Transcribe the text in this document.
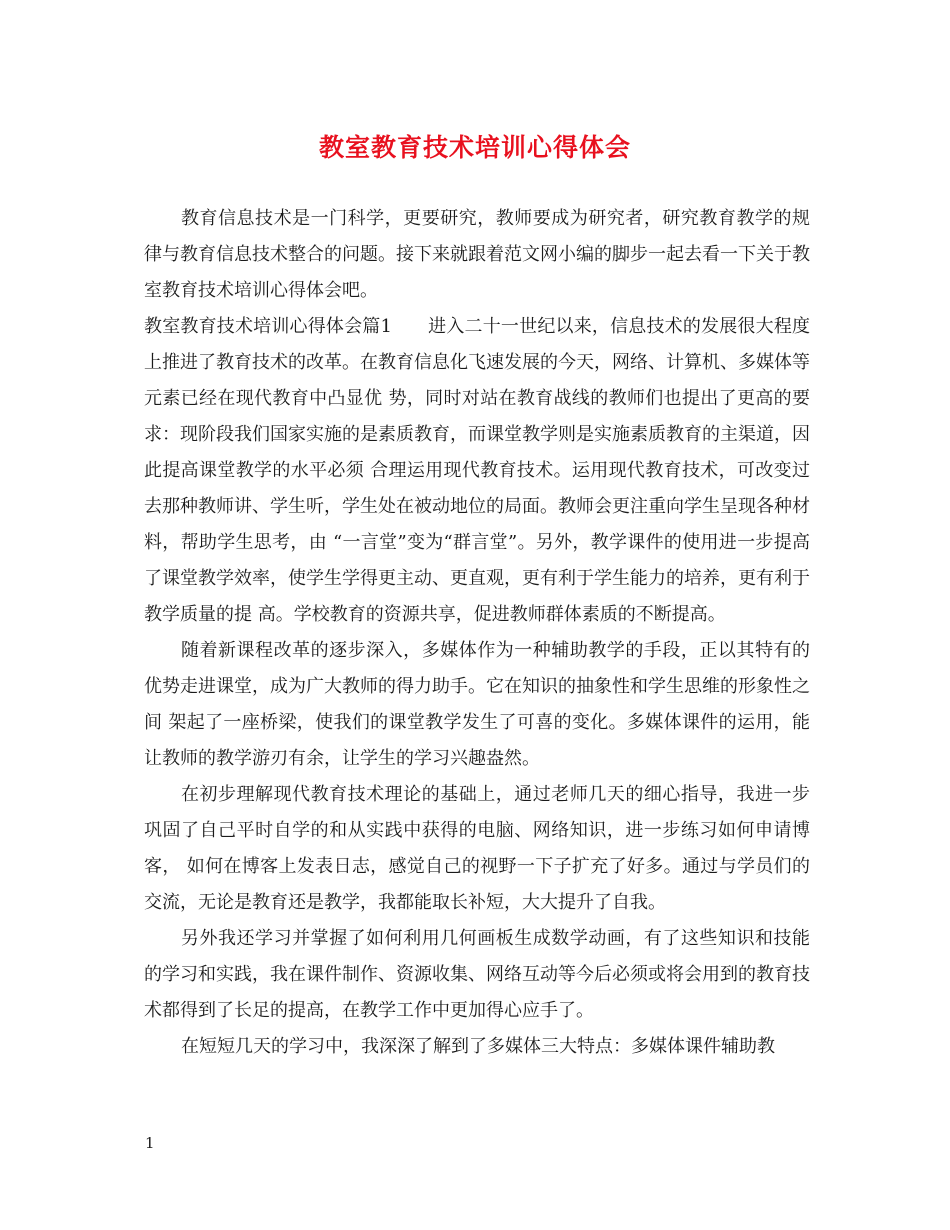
教室教育技术培训心得体会

教育信息技术是一门科学，更要研究，教师要成为研究者，研究教育教学的规律与教育信息技术整合的问题。接下来就跟着范文网小编的脚步一起去看一下关于教室教育技术培训心得体会吧。

教室教育技术培训心得体会篇1   进入二十一世纪以来，信息技术的发展很大程度上推进了教育技术的改革。在教育信息化飞速发展的今天，网络、计算机、多媒体等元素已经在现代教育中凸显优 势，同时对站在教育战线的教师们也提出了更高的要求：现阶段我们国家实施的是素质教育，而课堂教学则是实施素质教育的主渠道，因此提高课堂教学的水平必须 合理运用现代教育技术。运用现代教育技术，可改变过去那种教师讲、学生听，学生处在被动地位的局面。教师会更注重向学生呈现各种材料，帮助学生思考，由 “一言堂”变为“群言堂”。另外，教学课件的使用进一步提高了课堂教学效率，使学生学得更主动、更直观，更有利于学生能力的培养，更有利于教学质量的提 高。学校教育的资源共享，促进教师群体素质的不断提高。

随着新课程改革的逐步深入，多媒体作为一种辅助教学的手段，正以其特有的优势走进课堂，成为广大教师的得力助手。它在知识的抽象性和学生思维的形象性之间 架起了一座桥梁，使我们的课堂教学发生了可喜的变化。多媒体课件的运用，能让教师的教学游刃有余，让学生的学习兴趣盎然。

在初步理解现代教育技术理论的基础上，通过老师几天的细心指导，我进一步巩固了自己平时自学的和从实践中获得的电脑、网络知识，进一步练习如何申请博客， 如何在博客上发表日志，感觉自己的视野一下子扩充了好多。通过与学员们的交流，无论是教育还是教学，我都能取长补短，大大提升了自我。

另外我还学习并掌握了如何利用几何画板生成数学动画，有了这些知识和技能的学习和实践，我在课件制作、资源收集、网络互动等今后必须或将会用到的教育技术都得到了长足的提高，在教学工作中更加得心应手了。

在短短几天的学习中，我深深了解到了多媒体三大特点：多媒体课件辅助教

1
